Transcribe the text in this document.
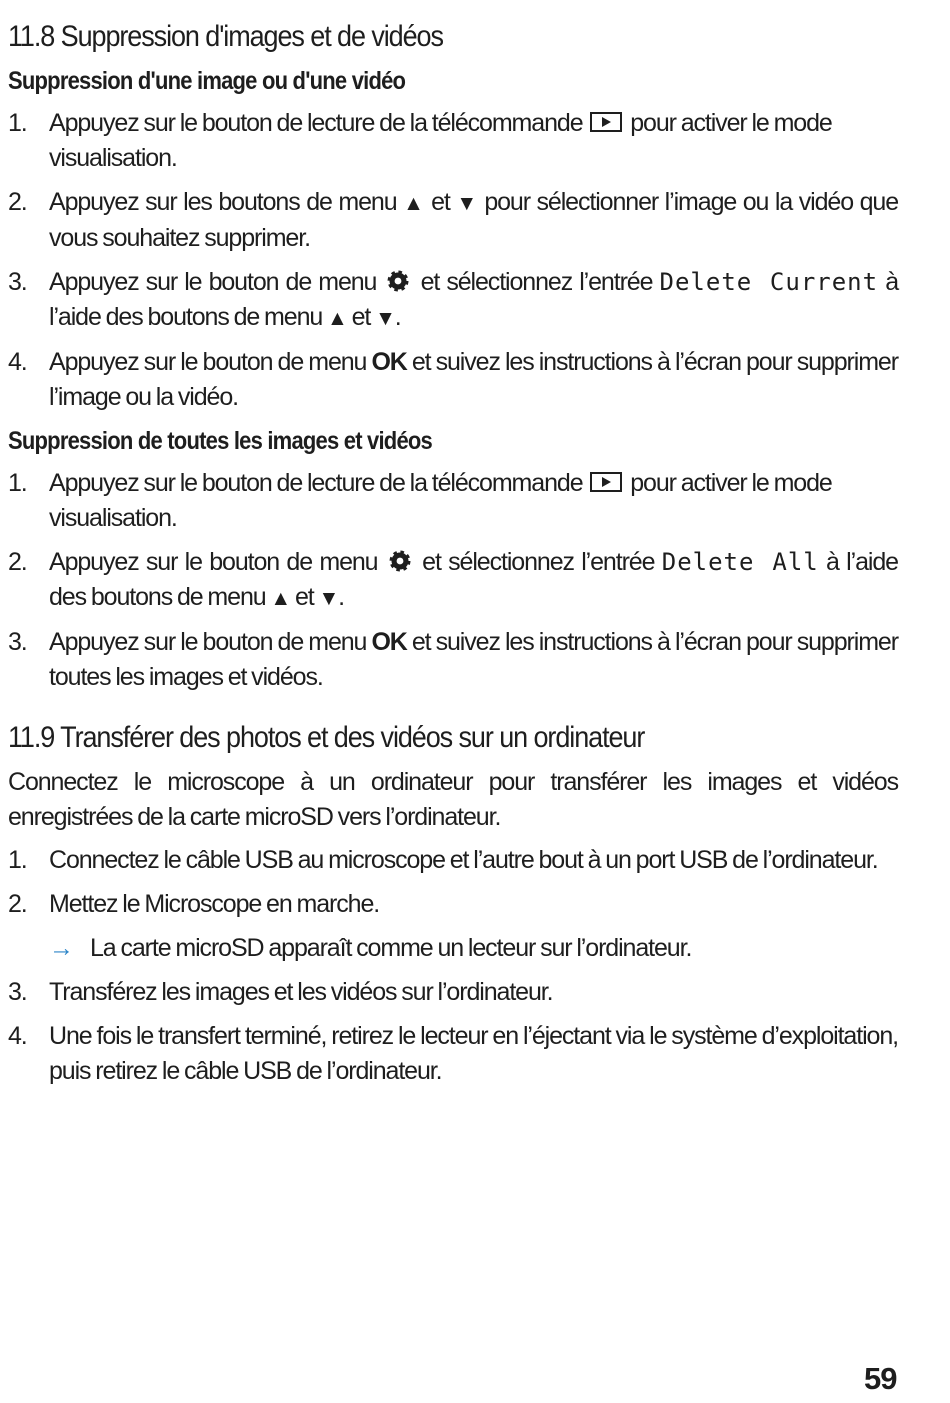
11.8 Suppression d'images et de vidéos
Suppression d'une image ou d'une vidéo
1. Appuyez sur le bouton de lecture de la télécommande pour activer le mode visualisation.
2. Appuyez sur les boutons de menu ▲ et ▼ pour sélectionner l’image ou la vidéo que vous souhaitez supprimer.
3. Appuyez sur le bouton de menu et sélectionnez l’entrée Delete Current à l’aide des boutons de menu ▲ et ▼.
4. Appuyez sur le bouton de menu OK et suivez les instructions à l’écran pour supprimer l’image ou la vidéo.
Suppression de toutes les images et vidéos
1. Appuyez sur le bouton de lecture de la télécommande pour activer le mode visualisation.
2. Appuyez sur le bouton de menu et sélectionnez l’entrée Delete All à l’aide des boutons de menu ▲ et ▼.
3. Appuyez sur le bouton de menu OK et suivez les instructions à l’écran pour supprimer toutes les images et vidéos.
11.9 Transférer des photos et des vidéos sur un ordinateur

Connectez le microscope à un ordinateur pour transférer les images et vidéos enregistrées de la carte microSD vers l’ordinateur.

1. Connectez le câble USB au microscope et l’autre bout à un port USB de l’ordinateur.
2. Mettez le Microscope en marche.
→ La carte microSD apparaît comme un lecteur sur l’ordinateur.
3. Transférez les images et les vidéos sur l’ordinateur.
4. Une fois le transfert terminé, retirez le lecteur en l’éjectant via le système d’exploitation, puis retirez le câble USB de l’ordinateur.
59
